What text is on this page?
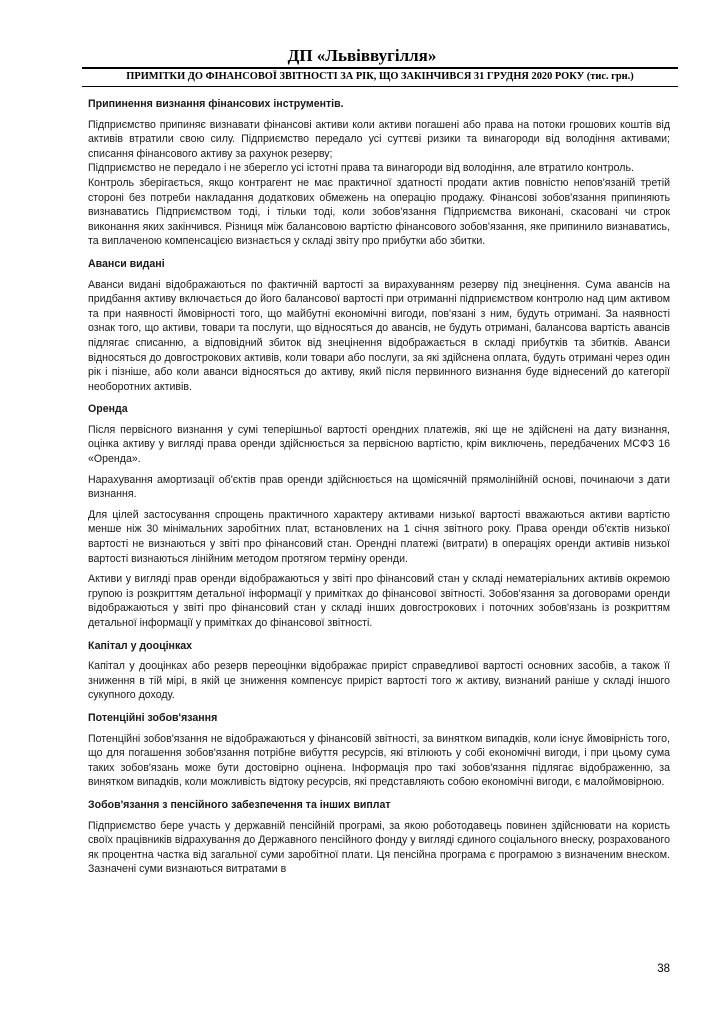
ДП «Львіввугілля»
ПРИМІТКИ ДО ФІНАНСОВОЇ ЗВІТНОСТІ ЗА РІК, ЩО ЗАКІНЧИВСЯ 31 ГРУДНЯ 2020 РОКУ (тис. грн.)
Припинення визнання фінансових інструментів.
Підприємство припиняє визнавати фінансові активи коли активи погашені або права на потоки грошових коштів від активів втратили свою силу. Підприємство передало усі суттєві ризики та винагороди від володіння активами; списання фінансового активу за рахунок резерву;
Підприємство не передало і не зберегло усі істотні права та винагороди від володіння, але втратило контроль.
Контроль зберігається, якщо контрагент не має практичної здатності продати актив повністю непов'язаній третій стороні без потреби накладання додаткових обмежень на операцію продажу. Фінансові зобов'язання припиняють визнаватись Підприємством тоді, і тільки тоді, коли зобов'язання Підприємства виконані, скасовані чи строк виконання яких закінчився. Різниця між балансовою вартістю фінансового зобов'язання, яке припинило визнаватись, та виплаченою компенсацією визнається у складі звіту про прибутки або збитки.
Аванси видані
Аванси видані відображаються по фактичній вартості за вирахуванням резерву під знецінення. Сума авансів на придбання активу включається до його балансової вартості при отриманні підприємством контролю над цим активом та при наявності ймовірності того, що майбутні економічні вигоди, пов'язані з ним, будуть отримані. За наявності ознак того, що активи, товари та послуги, що відносяться до авансів, не будуть отримані, балансова вартість авансів підлягає списанню, а відповідний збиток від знецінення відображається в складі прибутків та збитків. Аванси відносяться до довгострокових активів, коли товари або послуги, за які здійснена оплата, будуть отримані через один рік і пізніше, або коли аванси відносяться до активу, який після первинного визнання буде віднесений до категорії необоротних активів.
Оренда
Після первісного визнання у сумі теперішньої вартості орендних платежів, які ще не здійснені на дату визнання, оцінка активу у вигляді права оренди здійснюється за первісною вартістю, крім виключень, передбачених МСФЗ 16 «Оренда».
Нарахування амортизації об'єктів прав оренди здійснюється на щомісячній прямолінійній основі, починаючи з дати визнання.
Для цілей застосування спрощень практичного характеру активами низької вартості вважаються активи вартістю менше ніж 30 мінімальних заробітних плат, встановлених на 1 січня звітного року. Права оренди об'єктів низької вартості не визнаються у звіті про фінансовий стан. Орендні платежі (витрати) в операціях оренди активів низької вартості визнаються лінійним методом протягом терміну оренди.
Активи у вигляді прав оренди відображаються у звіті про фінансовий стан у складі нематеріальних активів окремою групою із розкриттям детальної інформації у примітках до фінансової звітності. Зобов'язання за договорами оренди відображаються у звіті про фінансовий стан у складі інших довгострокових і поточних зобов'язань із розкриттям детальної інформації у примітках до фінансової звітності.
Капітал у дооцінках
Капітал у дооцінках або резерв переоцінки відображає приріст справедливої вартості основних засобів, а також її зниження в тій мірі, в якій це зниження компенсує приріст вартості того ж активу, визнаний раніше у складі іншого сукупного доходу.
Потенційні зобов'язання
Потенційні зобов'язання не відображаються у фінансовій звітності, за винятком випадків, коли існує ймовірність того, що для погашення зобов'язання потрібне вибуття ресурсів, які втілюють у собі економічні вигоди, і при цьому сума таких зобов'язань може бути достовірно оцінена. Інформація про такі зобов'язання підлягає відображенню, за винятком випадків, коли можливість відтоку ресурсів, які представляють собою економічні вигоди, є малоймовірною.
Зобов'язання з пенсійного забезпечення та інших виплат
Підприємство бере участь у державній пенсійній програмі, за якою роботодавець повинен здійснювати на користь своїх працівників відрахування до Державного пенсійного фонду у вигляді єдиного соціального внеску, розрахованого як процентна частка від загальної суми заробітної плати. Ця пенсійна програма є програмою з визначеним внеском. Зазначені суми визнаються витратами в
38
